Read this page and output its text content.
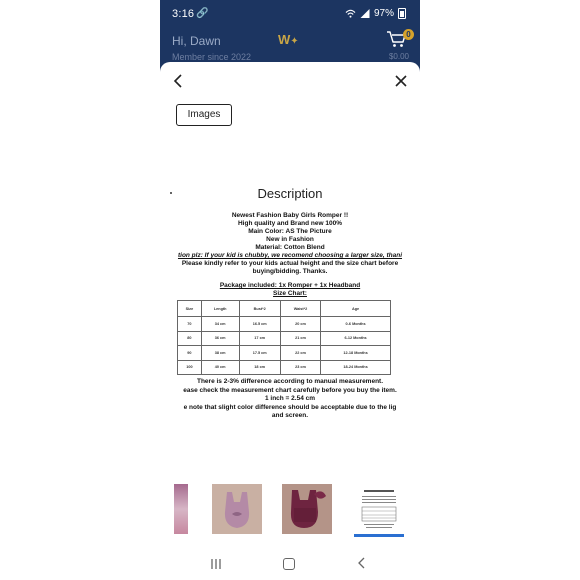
3:16 🔗	97%
Hi, Dawn
Member since 2022
W✦
0
$0.00
Images
Description
Newest Fashion Baby Girls Romper !!
High quality and Brand new 100%
Main Color: AS The Picture
New in Fashion
Material: Cotton Blend
tion plz: If your kid is chubby, we recomend choosing a larger size, thani
Please kindly refer to your kids actual height and the size chart before
buying/bidding. Thanks.
Package included: 1x Romper + 1x Headband
Size Chart:
Size	Length	Bust*2	Waist*2	Age
70	34 cm	16.5 cm	20 cm	0-6 Months
80	36 cm	17 cm	21 cm	6-12 Months
90	38 cm	17.5 cm	22 cm	12-18 Months
100	40 cm	18 cm	23 cm	18-24 Months
There is 2-3% difference according to manual measurement.
ease check the measurement chart carefully before you buy the item.
1 inch = 2.54 cm
e note that slight color difference should be acceptable due to the lig
and screen.
